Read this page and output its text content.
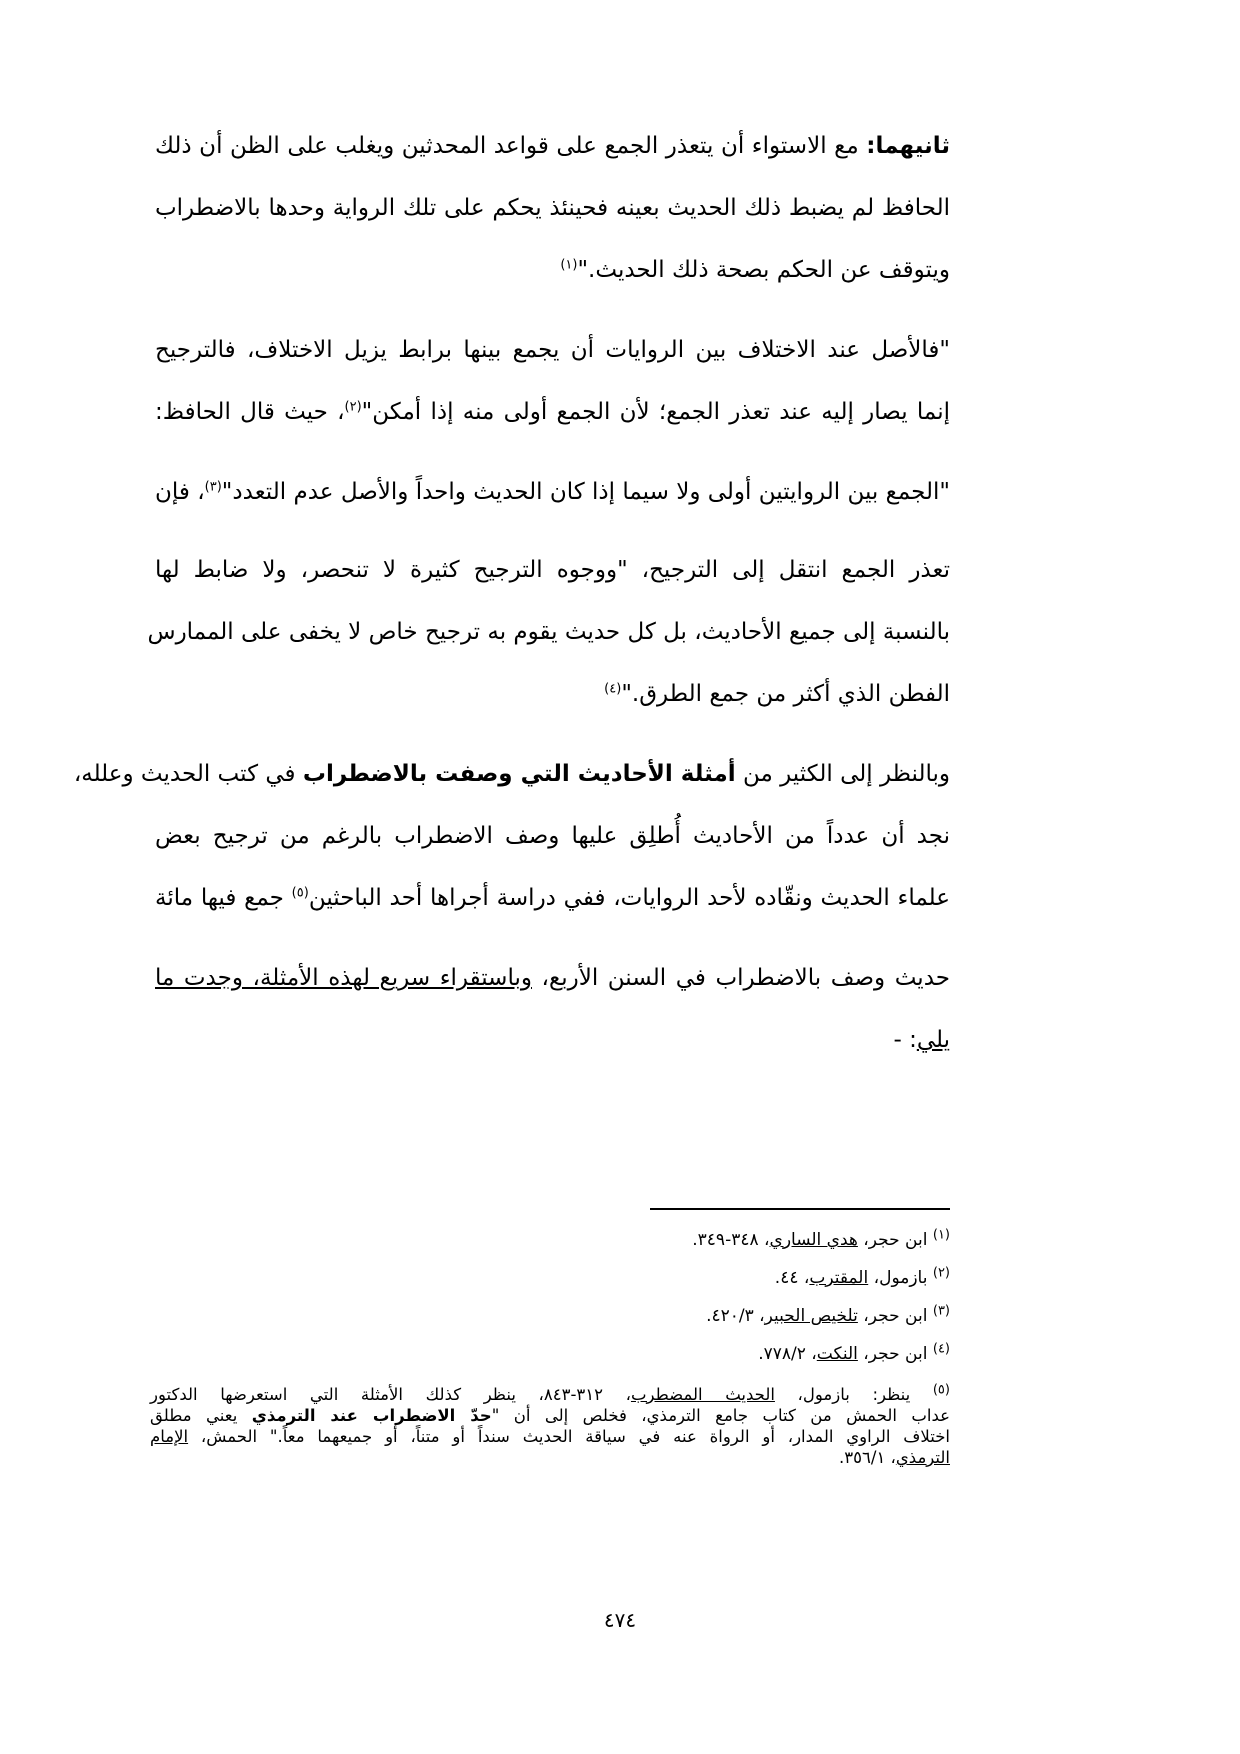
ثانيهما: مع الاستواء أن يتعذر الجمع على قواعد المحدثين ويغلب على الظن أن ذلك
الحافظ لم يضبط ذلك الحديث بعينه فحينئذ يحكم على تلك الرواية وحدها بالاضطراب
ويتوقف عن الحكم بصحة ذلك الحديث."$^{(١)}$
"فالأصل عند الاختلاف بين الروايات أن يجمع بينها برابط يزيل الاختلاف، فالترجيح
إنما يصار إليه عند تعذر الجمع؛ لأن الجمع أولى منه إذا أمكن"$^{(٢)}$، حيث قال الحافظ:
"الجمع بين الروايتين أولى ولا سيما إذا كان الحديث واحداً والأصل عدم التعدد"$^{(٣)}$، فإن
تعذر الجمع انتقل إلى الترجيح، "ووجوه الترجيح كثيرة لا تنحصر، ولا ضابط لها
بالنسبة إلى جميع الأحاديث، بل كل حديث يقوم به ترجيح خاص لا يخفى على الممارس
الفطن الذي أكثر من جمع الطرق."$^{(٤)}$
وبالنظر إلى الكثير من أمثلة الأحاديث التي وصفت بالاضطراب في كتب الحديث وعلله،
نجد أن عدداً من الأحاديث أُطلِق عليها وصف الاضطراب بالرغم من ترجيح بعض
علماء الحديث ونقّاده لأحد الروايات، ففي دراسة أجراها أحد الباحثين$^{(٥)}$ جمع فيها مائة
حديث وصف بالاضطراب في السنن الأربع، وباستقراء سريع لهذه الأمثلة، وجدت ما
يلي: -
$^{(١)}$ ابن حجر، هدي الساري، ٣٤٨-٣٤٩.
$^{(٢)}$ بازمول، المقترب، ٤٤.
$^{(٣)}$ ابن حجر، تلخيص الحبير، ٤٢٠/٣.
$^{(٤)}$ ابن حجر، النكت، ٧٧٨/٢.
$^{(٥)}$ ينظر: بازمول، الحديث المضطرب، ٣١٢-٨٤٣، ينظر كذلك الأمثلة التي استعرضها الدكتور
عداب الحمش من كتاب جامع الترمذي، فخلص إلى أن "حدّ الاضطراب عند الترمذي يعني مطلق
اختلاف الراوي المدار، أو الرواة عنه في سياقة الحديث سنداً أو متناً، أو جميعهما معاً." الحمش، الإمام
الترمذي، ٣٥٦/١.
٤٧٤
